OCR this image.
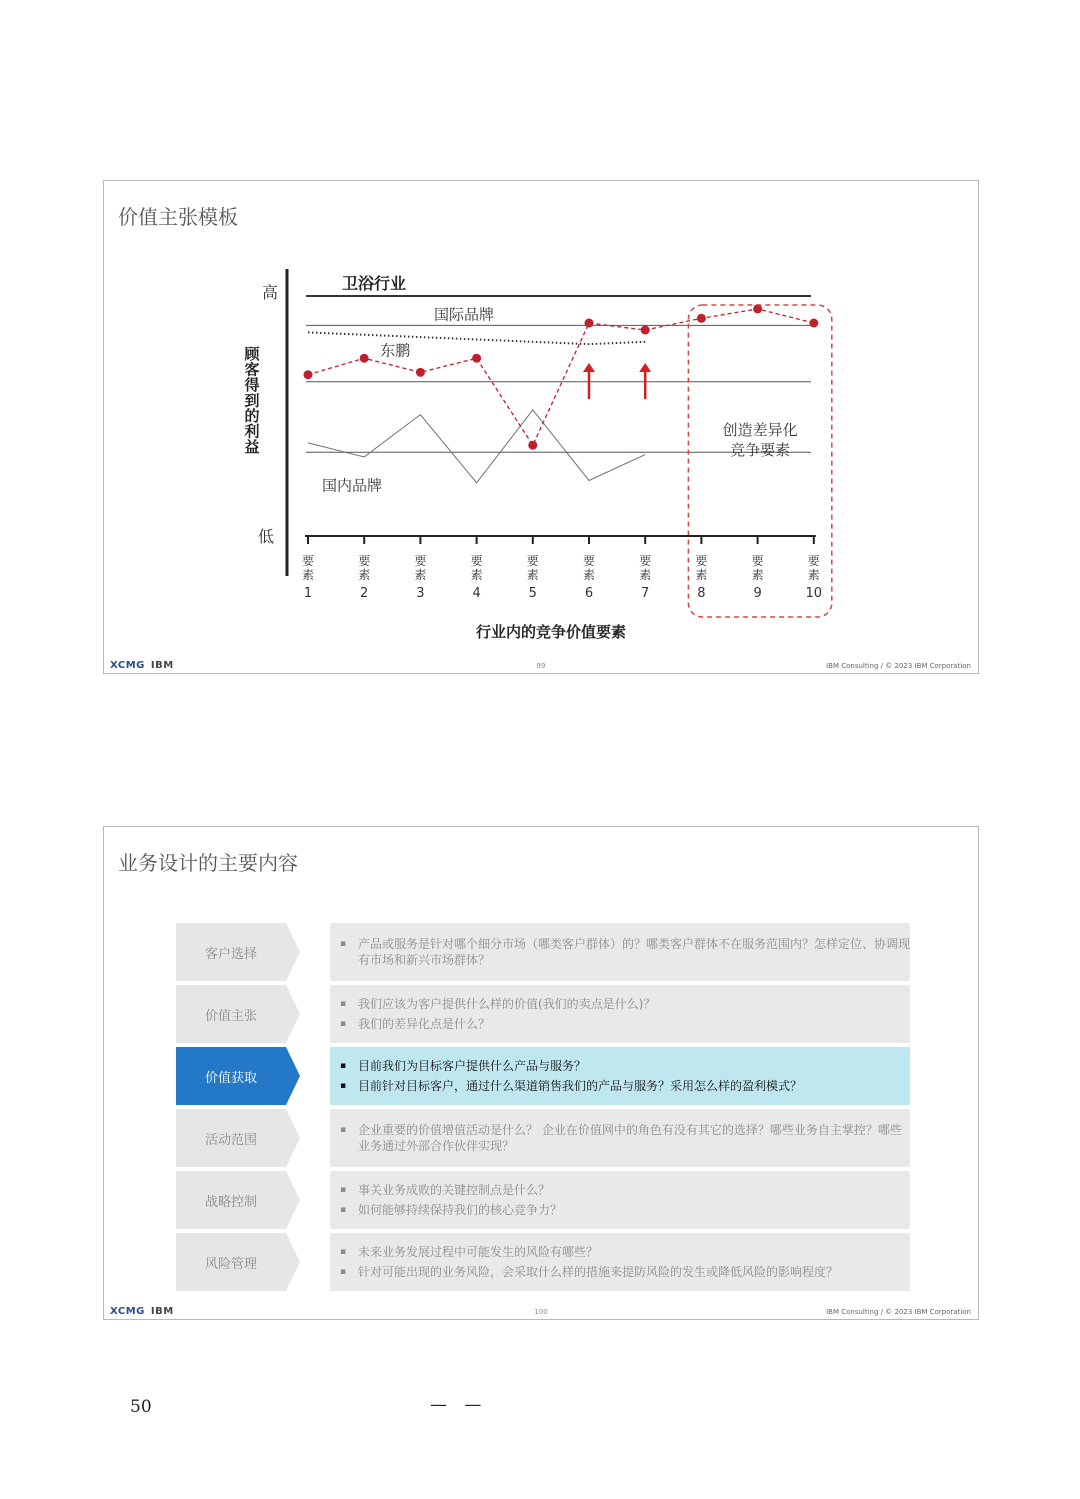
价值主张模板
高
低
顾
客
得
到
的
利
益
卫浴行业
国际品牌
国内品牌
创造差异化
竞争要素
东鹏
要
素
1
要
素
2
要
素
3
要
素
4
要
素
5
要
素
6
要
素
7
要
素
8
要
素
9
要
素
10
行业内的竞争价值要素
XCMG IBM	99	IBM Consulting / © 2023 IBM Corporation
业务设计的主要内容
客户选择
▪ 产品或服务是针对哪个细分市场（哪类客户群体）的？哪类客户群体不在服务范围内？怎样定位、协调现有市场和新兴市场群体？
价值主张
▪ 我们应该为客户提供什么样的价值(我们的卖点是什么)？
▪ 我们的差异化点是什么？
价值获取
▪ 目前我们为目标客户提供什么产品与服务？
▪ 目前针对目标客户，通过什么渠道销售我们的产品与服务？采用怎么样的盈利模式？
活动范围
▪ 企业重要的价值增值活动是什么？ 企业在价值网中的角色有没有其它的选择？哪些业务自主掌控？哪些业务通过外部合作伙伴实现？
战略控制
▪ 事关业务成败的关键控制点是什么？
▪ 如何能够持续保持我们的核心竞争力？
风险管理
▪ 未来业务发展过程中可能发生的风险有哪些？
▪ 针对可能出现的业务风险，会采取什么样的措施来提防风险的发生或降低风险的影响程度？
XCMG IBM	100	IBM Consulting / © 2023 IBM Corporation
50	— —
